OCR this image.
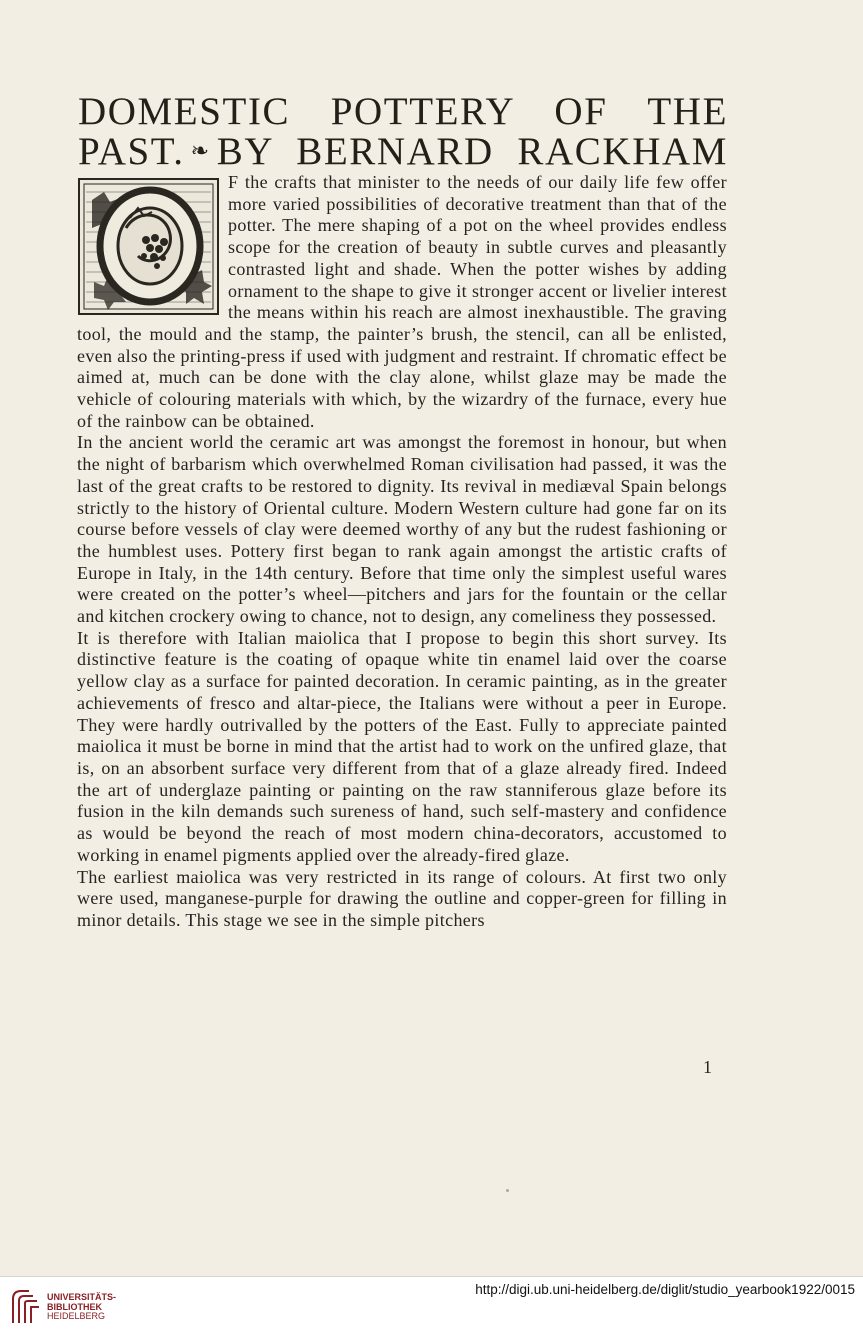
DOMESTIC POTTERY OF THE
PAST. ❧ BY BERNARD RACKHAM

F the crafts that minister to the needs of our daily life few offer more varied possibilities of decorative treatment than that of the potter. The mere shaping of a pot on the wheel provides endless scope for the creation of beauty in subtle curves and pleasantly contrasted light and shade. When the potter wishes by adding ornament to the shape to give it stronger accent or livelier interest the means within his reach are almost inexhaustible. The graving tool, the mould and the stamp, the painter’s brush, the stencil, can all be enlisted, even also the printing-press if used with judgment and restraint. If chromatic effect be aimed at, much can be done with the clay alone, whilst glaze may be made the vehicle of colouring materials with which, by the wizardry of the furnace, every hue of the rainbow can be obtained.

In the ancient world the ceramic art was amongst the foremost in honour, but when the night of barbarism which overwhelmed Roman civilisation had passed, it was the last of the great crafts to be restored to dignity. Its revival in mediæval Spain belongs strictly to the history of Oriental culture. Modern Western culture had gone far on its course before vessels of clay were deemed worthy of any but the rudest fashioning or the humblest uses. Pottery first began to rank again amongst the artistic crafts of Europe in Italy, in the 14th century. Before that time only the simplest useful wares were created on the potter’s wheel—pitchers and jars for the fountain or the cellar and kitchen crockery owing to chance, not to design, any comeliness they possessed.

It is therefore with Italian maiolica that I propose to begin this short survey. Its distinctive feature is the coating of opaque white tin enamel laid over the coarse yellow clay as a surface for painted decoration. In ceramic painting, as in the greater achievements of fresco and altar-piece, the Italians were without a peer in Europe. They were hardly outrivalled by the potters of the East. Fully to appreciate painted maiolica it must be borne in mind that the artist had to work on the unfired glaze, that is, on an absorbent surface very different from that of a glaze already fired. Indeed the art of underglaze painting or painting on the raw stanniferous glaze before its fusion in the kiln demands such sureness of hand, such self-mastery and confidence as would be beyond the reach of most modern china-decorators, accustomed to working in enamel pigments applied over the already-fired glaze.

The earliest maiolica was very restricted in its range of colours. At first two only were used, manganese-purple for drawing the outline and copper-green for filling in minor details. This stage we see in the simple pitchers

1
UNIVERSITÄTS-
BIBLIOTHEK
HEIDELBERG
http://digi.ub.uni-heidelberg.de/diglit/studio_yearbook1922/0015
